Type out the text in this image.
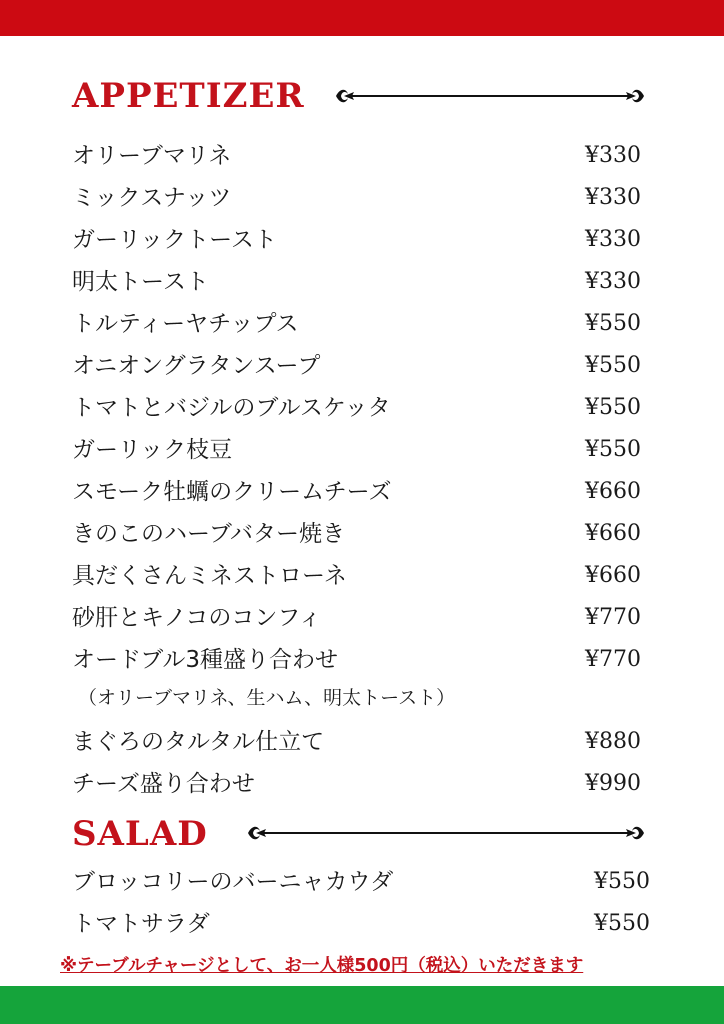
APPETIZER
オリーブマリネ	¥330
ミックスナッツ	¥330
ガーリックトースト	¥330
明太トースト	¥330
トルティーヤチップス	¥550
オニオングラタンスープ	¥550
トマトとバジルのブルスケッタ	¥550
ガーリック枝豆	¥550
スモーク牡蠣のクリームチーズ	¥660
きのこのハーブバター焼き	¥660
具だくさんミネストローネ	¥660
砂肝とキノコのコンフィ	¥770
オードブル3種盛り合わせ	¥770
（オリーブマリネ、生ハム、明太トースト）
まぐろのタルタル仕立て	¥880
チーズ盛り合わせ	¥990
SALAD
ブロッコリーのバーニャカウダ	¥550
トマトサラダ	¥550
※テーブルチャージとして、お一人様500円（税込）いただきます
